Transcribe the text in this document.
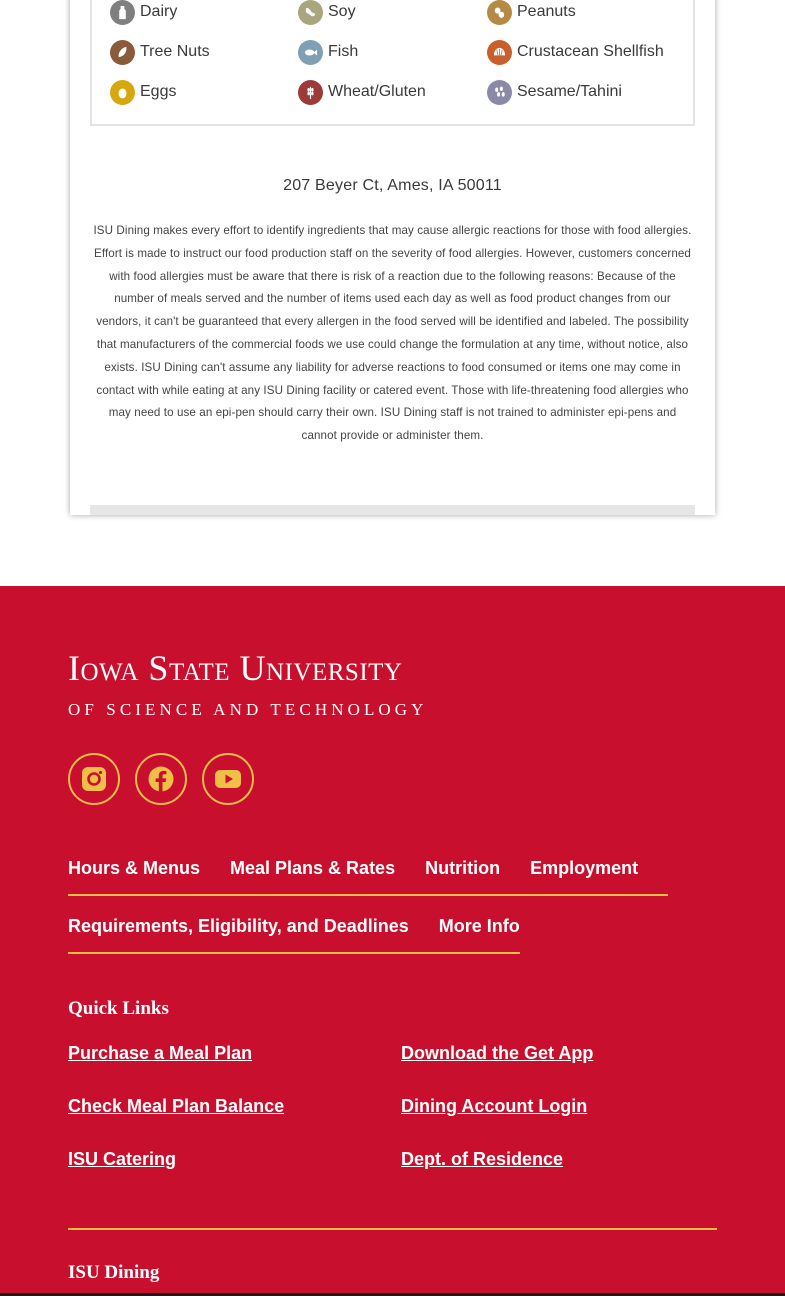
Dairy	Soy	Peanuts
Tree Nuts	Fish	Crustacean Shellfish
Eggs	Wheat/Gluten	Sesame/Tahini
207 Beyer Ct, Ames, IA 50011

ISU Dining makes every effort to identify ingredients that may cause allergic reactions for those with food allergies. Effort is made to instruct our food production staff on the severity of food allergies. However, customers concerned with food allergies must be aware that there is risk of a reaction due to the following reasons: Because of the number of meals served and the number of items used each day as well as food product changes from our vendors, it can't be guaranteed that every allergen in the food served will be identified and labeled. The possibility that manufacturers of the commercial foods we use could change the formulation at any time, without notice, also exists. ISU Dining can't assume any liability for adverse reactions to food consumed or items one may come in contact with while eating at any ISU Dining facility or catered event. Those with life-threatening food allergies who may need to use an epi-pen should carry their own. ISU Dining staff is not trained to administer epi-pens and cannot provide or administer them.

Iowa State University
OF SCIENCE AND TECHNOLOGY
Hours & Menus Meal Plans & Rates Nutrition Employment
Requirements, Eligibility, and Deadlines More Info
Quick Links
Purchase a Meal Plan	Download the Get App
Check Meal Plan Balance	Dining Account Login
ISU Catering	Dept. of Residence
ISU Dining
